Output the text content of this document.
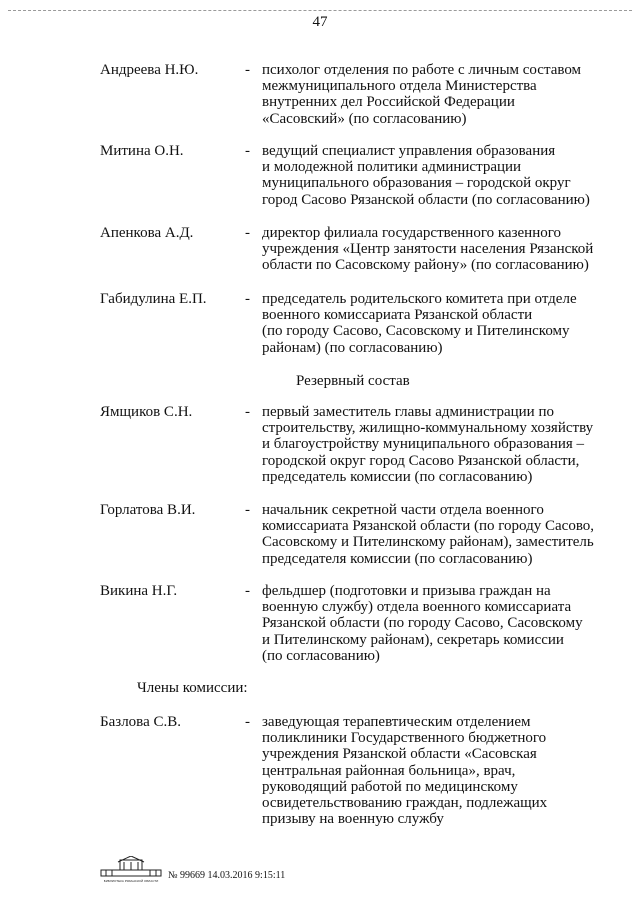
47
Андреева Н.Ю.	- психолог отделения по работе с личным составом
межмуниципального отдела Министерства
внутренних дел Российской Федерации
«Сасовский» (по согласованию)
Митина О.Н.	- ведущий специалист управления образования
и молодежной политики администрации
муниципального образования – городской округ
город Сасово Рязанской области (по согласованию)
Апенкова А.Д.	- директор филиала государственного казенного
учреждения «Центр занятости населения Рязанской
области по Сасовскому району» (по согласованию)
Габидулина Е.П.	- председатель родительского комитета при отделе
военного комиссариата Рязанской области
(по городу Сасово, Сасовскому и Пителинскому
районам) (по согласованию)
Резервный состав
Ямщиков С.Н.	- первый заместитель главы администрации по
строительству, жилищно-коммунальному хозяйству
и благоустройству муниципального образования –
городской округ город Сасово Рязанской области,
председатель комиссии (по согласованию)
Горлатова В.И.	- начальник секретной части отдела военного
комиссариата Рязанской области (по городу Сасово,
Сасовскому и Пителинскому районам), заместитель
председателя комиссии (по согласованию)
Викина Н.Г.	- фельдшер (подготовки и призыва граждан на
военную службу) отдела военного комиссариата
Рязанской области (по городу Сасово, Сасовскому
и Пителинскому районам), секретарь комиссии
(по согласованию)
Члены комиссии:
Базлова С.В.	- заведующая терапевтическим отделением
поликлиники Государственного бюджетного
учреждения Рязанской области «Сасовская
центральная районная больница», врач,
руководящий работой по медицинскому
освидетельствованию граждан, подлежащих
призыву на военную службу
БИБЛИОТЕКА РЯЗАНСКОЙ ОБЛАСТИ № 99669 14.03.2016 9:15:11
